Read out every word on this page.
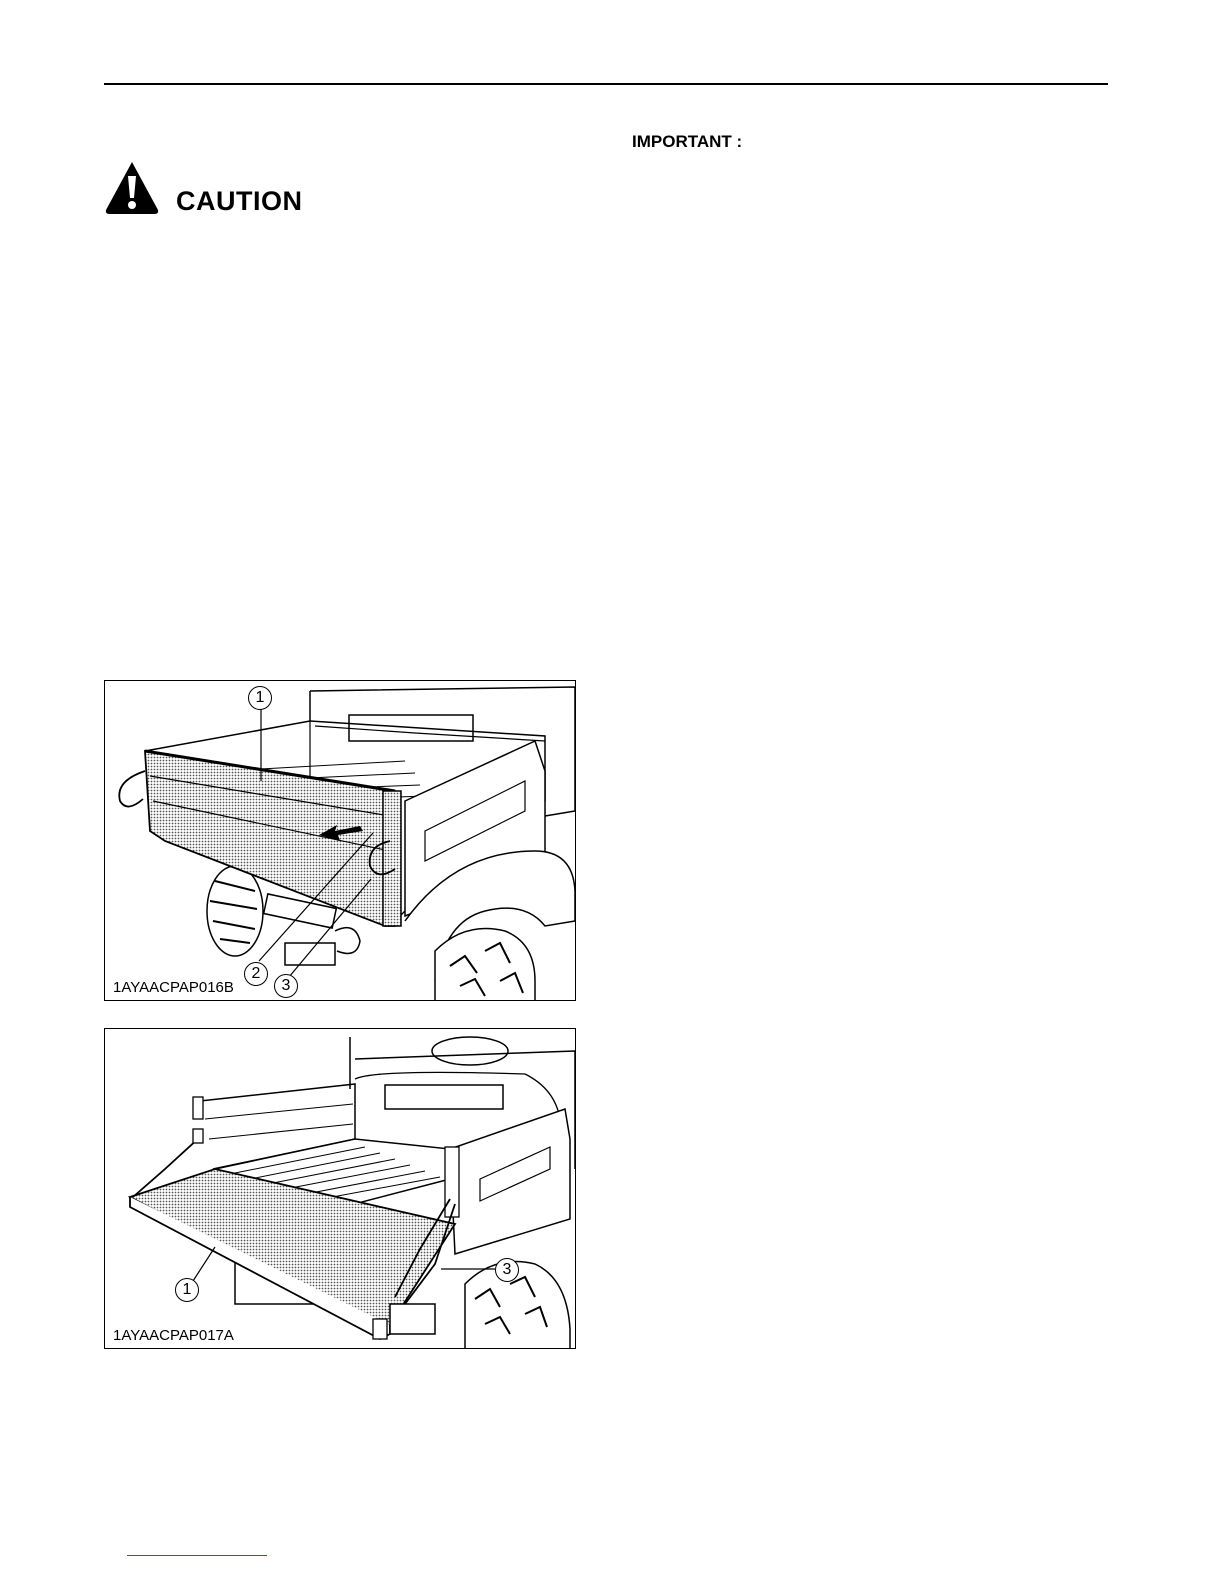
CAUTION
IMPORTANT :
1
2
3
1AYAACPAP016B
1
3
1AYAACPAP017A
